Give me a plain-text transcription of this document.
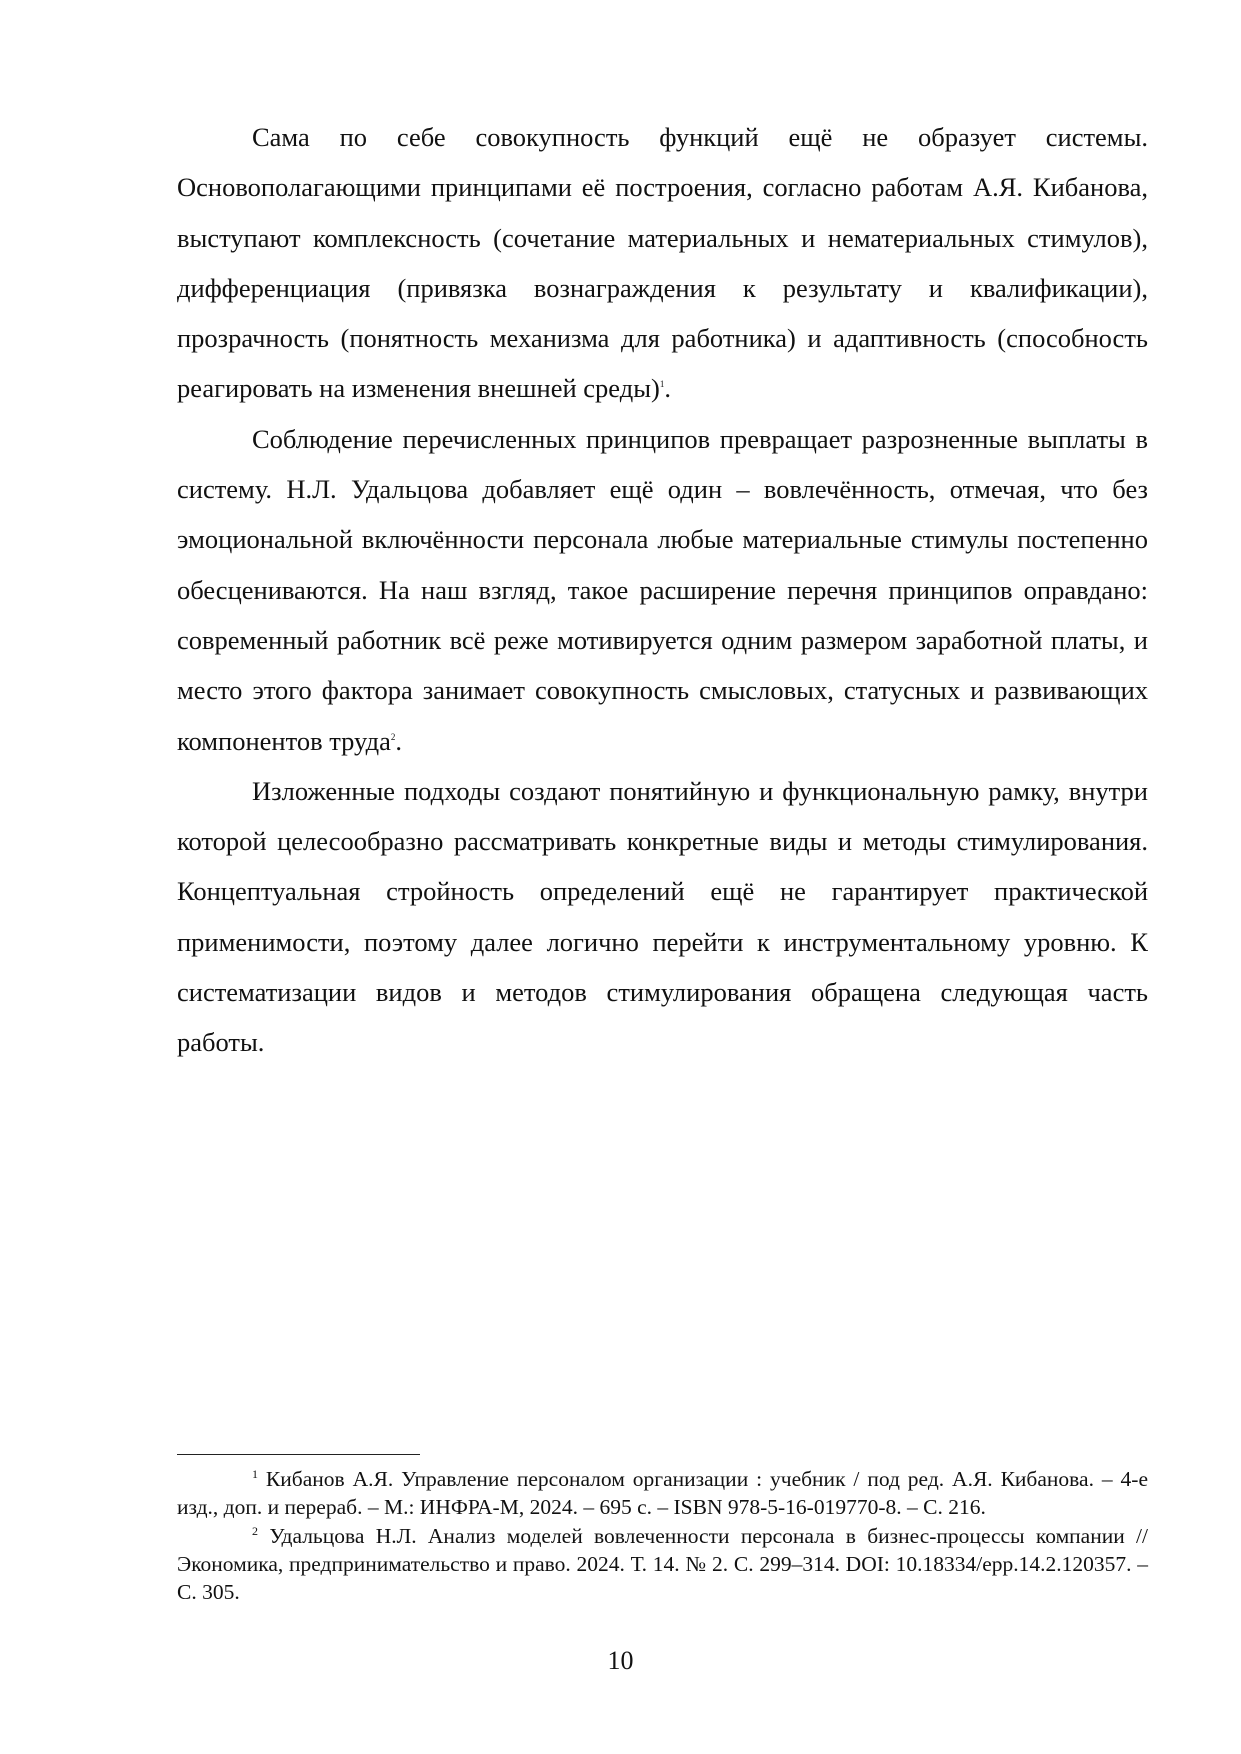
Сама по себе совокупность функций ещё не образует системы. Основополагающими принципами её построения, согласно работам А.Я. Кибанова, выступают комплексность (сочетание материальных и нематериальных стимулов), дифференциация (привязка вознаграждения к результату и квалификации), прозрачность (понятность механизма для работника) и адаптивность (способность реагировать на изменения внешней среды)$^1$.

Соблюдение перечисленных принципов превращает разрозненные выплаты в систему. Н.Л. Удальцова добавляет ещё один – вовлечённость, отмечая, что без эмоциональной включённости персонала любые материальные стимулы постепенно обесцениваются. На наш взгляд, такое расширение перечня принципов оправдано: современный работник всё реже мотивируется одним размером заработной платы, и место этого фактора занимает совокупность смысловых, статусных и развивающих компонентов труда$^2$.

Изложенные подходы создают понятийную и функциональную рамку, внутри которой целесообразно рассматривать конкретные виды и методы стимулирования. Концептуальная стройность определений ещё не гарантирует практической применимости, поэтому далее логично перейти к инструментальному уровню. К систематизации видов и методов стимулирования обращена следующая часть работы.

$^1$ Кибанов А.Я. Управление персоналом организации : учебник / под ред. А.Я. Кибанова. – 4-е изд., доп. и перераб. – М.: ИНФРА-М, 2024. – 695 с. – ISBN 978-5-16-019770-8. – С. 216.

$^2$ Удальцова Н.Л. Анализ моделей вовлеченности персонала в бизнес-процессы компании // Экономика, предпринимательство и право. 2024. Т. 14. № 2. С. 299–314. DOI: 10.18334/epp.14.2.120357. – С. 305.

10
